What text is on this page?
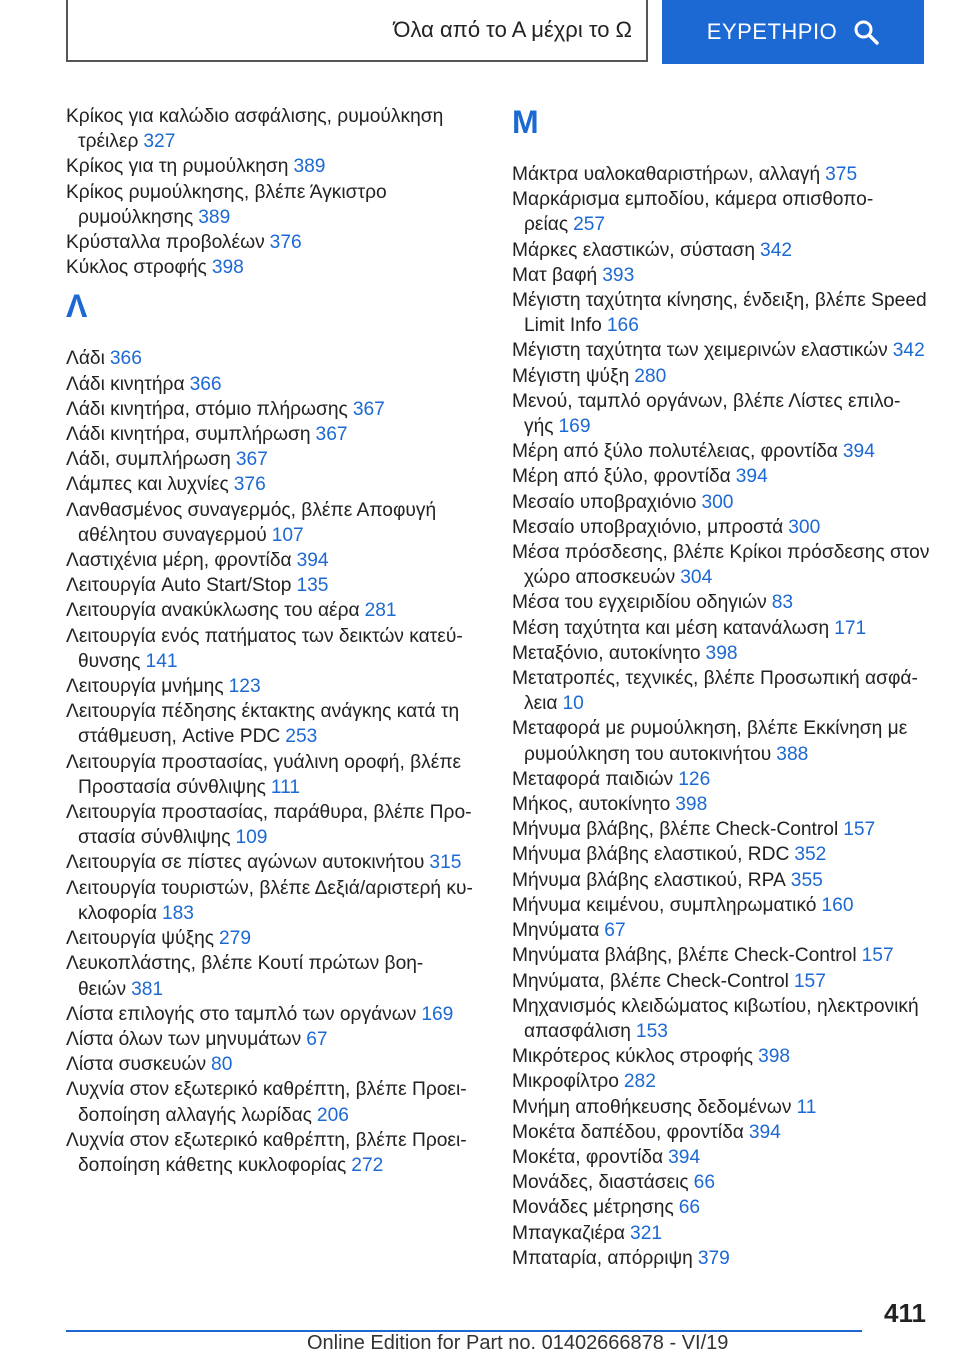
Όλα από το Α μέχρι το Ω	ΕΥΡΕΤΗΡΙΟ
Κρίκος για καλώδιο ασφάλισης, ρυμούλκηση τρέιλερ 327
Κρίκος για τη ρυμούλκηση 389
Κρίκος ρυμούλκησης, βλέπε Άγκιστρο ρυμούλκησης 389
Κρύσταλλα προβολέων 376
Κύκλος στροφής 398
Λ
Λάδι 366
Λάδι κινητήρα 366
Λάδι κινητήρα, στόμιο πλήρωσης 367
Λάδι κινητήρα, συμπλήρωση 367
Λάδι, συμπλήρωση 367
Λάμπες και λυχνίες 376
Λανθασμένος συναγερμός, βλέπε Αποφυγή αθέλητου συναγερμού 107
Λαστιχένια μέρη, φροντίδα 394
Λειτουργία Auto Start/Stop 135
Λειτουργία ανακύκλωσης του αέρα 281
Λειτουργία ενός πατήματος των δεικτών κατεύθυνσης 141
Λειτουργία μνήμης 123
Λειτουργία πέδησης έκτακτης ανάγκης κατά τη στάθμευση, Active PDC 253
Λειτουργία προστασίας, γυάλινη οροφή, βλέπε Προστασία σύνθλιψης 111
Λειτουργία προστασίας, παράθυρα, βλέπε Προστασία σύνθλιψης 109
Λειτουργία σε πίστες αγώνων αυτοκινήτου 315
Λειτουργία τουριστών, βλέπε Δεξιά/αριστερή κυκλοφορία 183
Λειτουργία ψύξης 279
Λευκοπλάστης, βλέπε Κουτί πρώτων βοηθειών 381
Λίστα επιλογής στο ταμπλό των οργάνων 169
Λίστα όλων των μηνυμάτων 67
Λίστα συσκευών 80
Λυχνία στον εξωτερικό καθρέπτη, βλέπε Προειδοποίηση αλλαγής λωρίδας 206
Λυχνία στον εξωτερικό καθρέπτη, βλέπε Προειδοποίηση κάθετης κυκλοφορίας 272
Μ
Μάκτρα υαλοκαθαριστήρων, αλλαγή 375
Μαρκάρισμα εμποδίου, κάμερα οπισθοπορείας 257
Μάρκες ελαστικών, σύσταση 342
Ματ βαφή 393
Μέγιστη ταχύτητα κίνησης, ένδειξη, βλέπε Speed Limit Info 166
Μέγιστη ταχύτητα των χειμερινών ελαστικών 342
Μέγιστη ψύξη 280
Μενού, ταμπλό οργάνων, βλέπε Λίστες επιλογής 169
Μέρη από ξύλο πολυτέλειας, φροντίδα 394
Μέρη από ξύλο, φροντίδα 394
Μεσαίο υποβραχιόνιο 300
Μεσαίο υποβραχιόνιο, μπροστά 300
Μέσα πρόσδεσης, βλέπε Κρίκοι πρόσδεσης στον χώρο αποσκευών 304
Μέσα του εγχειριδίου οδηγιών 83
Μέση ταχύτητα και μέση κατανάλωση 171
Μεταξόνιο, αυτοκίνητο 398
Μετατροπές, τεχνικές, βλέπε Προσωπική ασφάλεια 10
Μεταφορά με ρυμούλκηση, βλέπε Εκκίνηση με ρυμούλκηση του αυτοκινήτου 388
Μεταφορά παιδιών 126
Μήκος, αυτοκίνητο 398
Μήνυμα βλάβης, βλέπε Check-Control 157
Μήνυμα βλάβης ελαστικού, RDC 352
Μήνυμα βλάβης ελαστικού, RPA 355
Μήνυμα κειμένου, συμπληρωματικό 160
Μηνύματα 67
Μηνύματα βλάβης, βλέπε Check-Control 157
Μηνύματα, βλέπε Check-Control 157
Μηχανισμός κλειδώματος κιβωτίου, ηλεκτρονική απασφάλιση 153
Μικρότερος κύκλος στροφής 398
Μικροφίλτρο 282
Μνήμη αποθήκευσης δεδομένων 11
Μοκέτα δαπέδου, φροντίδα 394
Μοκέτα, φροντίδα 394
Μονάδες, διαστάσεις 66
Μονάδες μέτρησης 66
Μπαγκαζιέρα 321
Μπαταρία, απόρριψη 379
411
Online Edition for Part no. 01402666878 - VI/19
